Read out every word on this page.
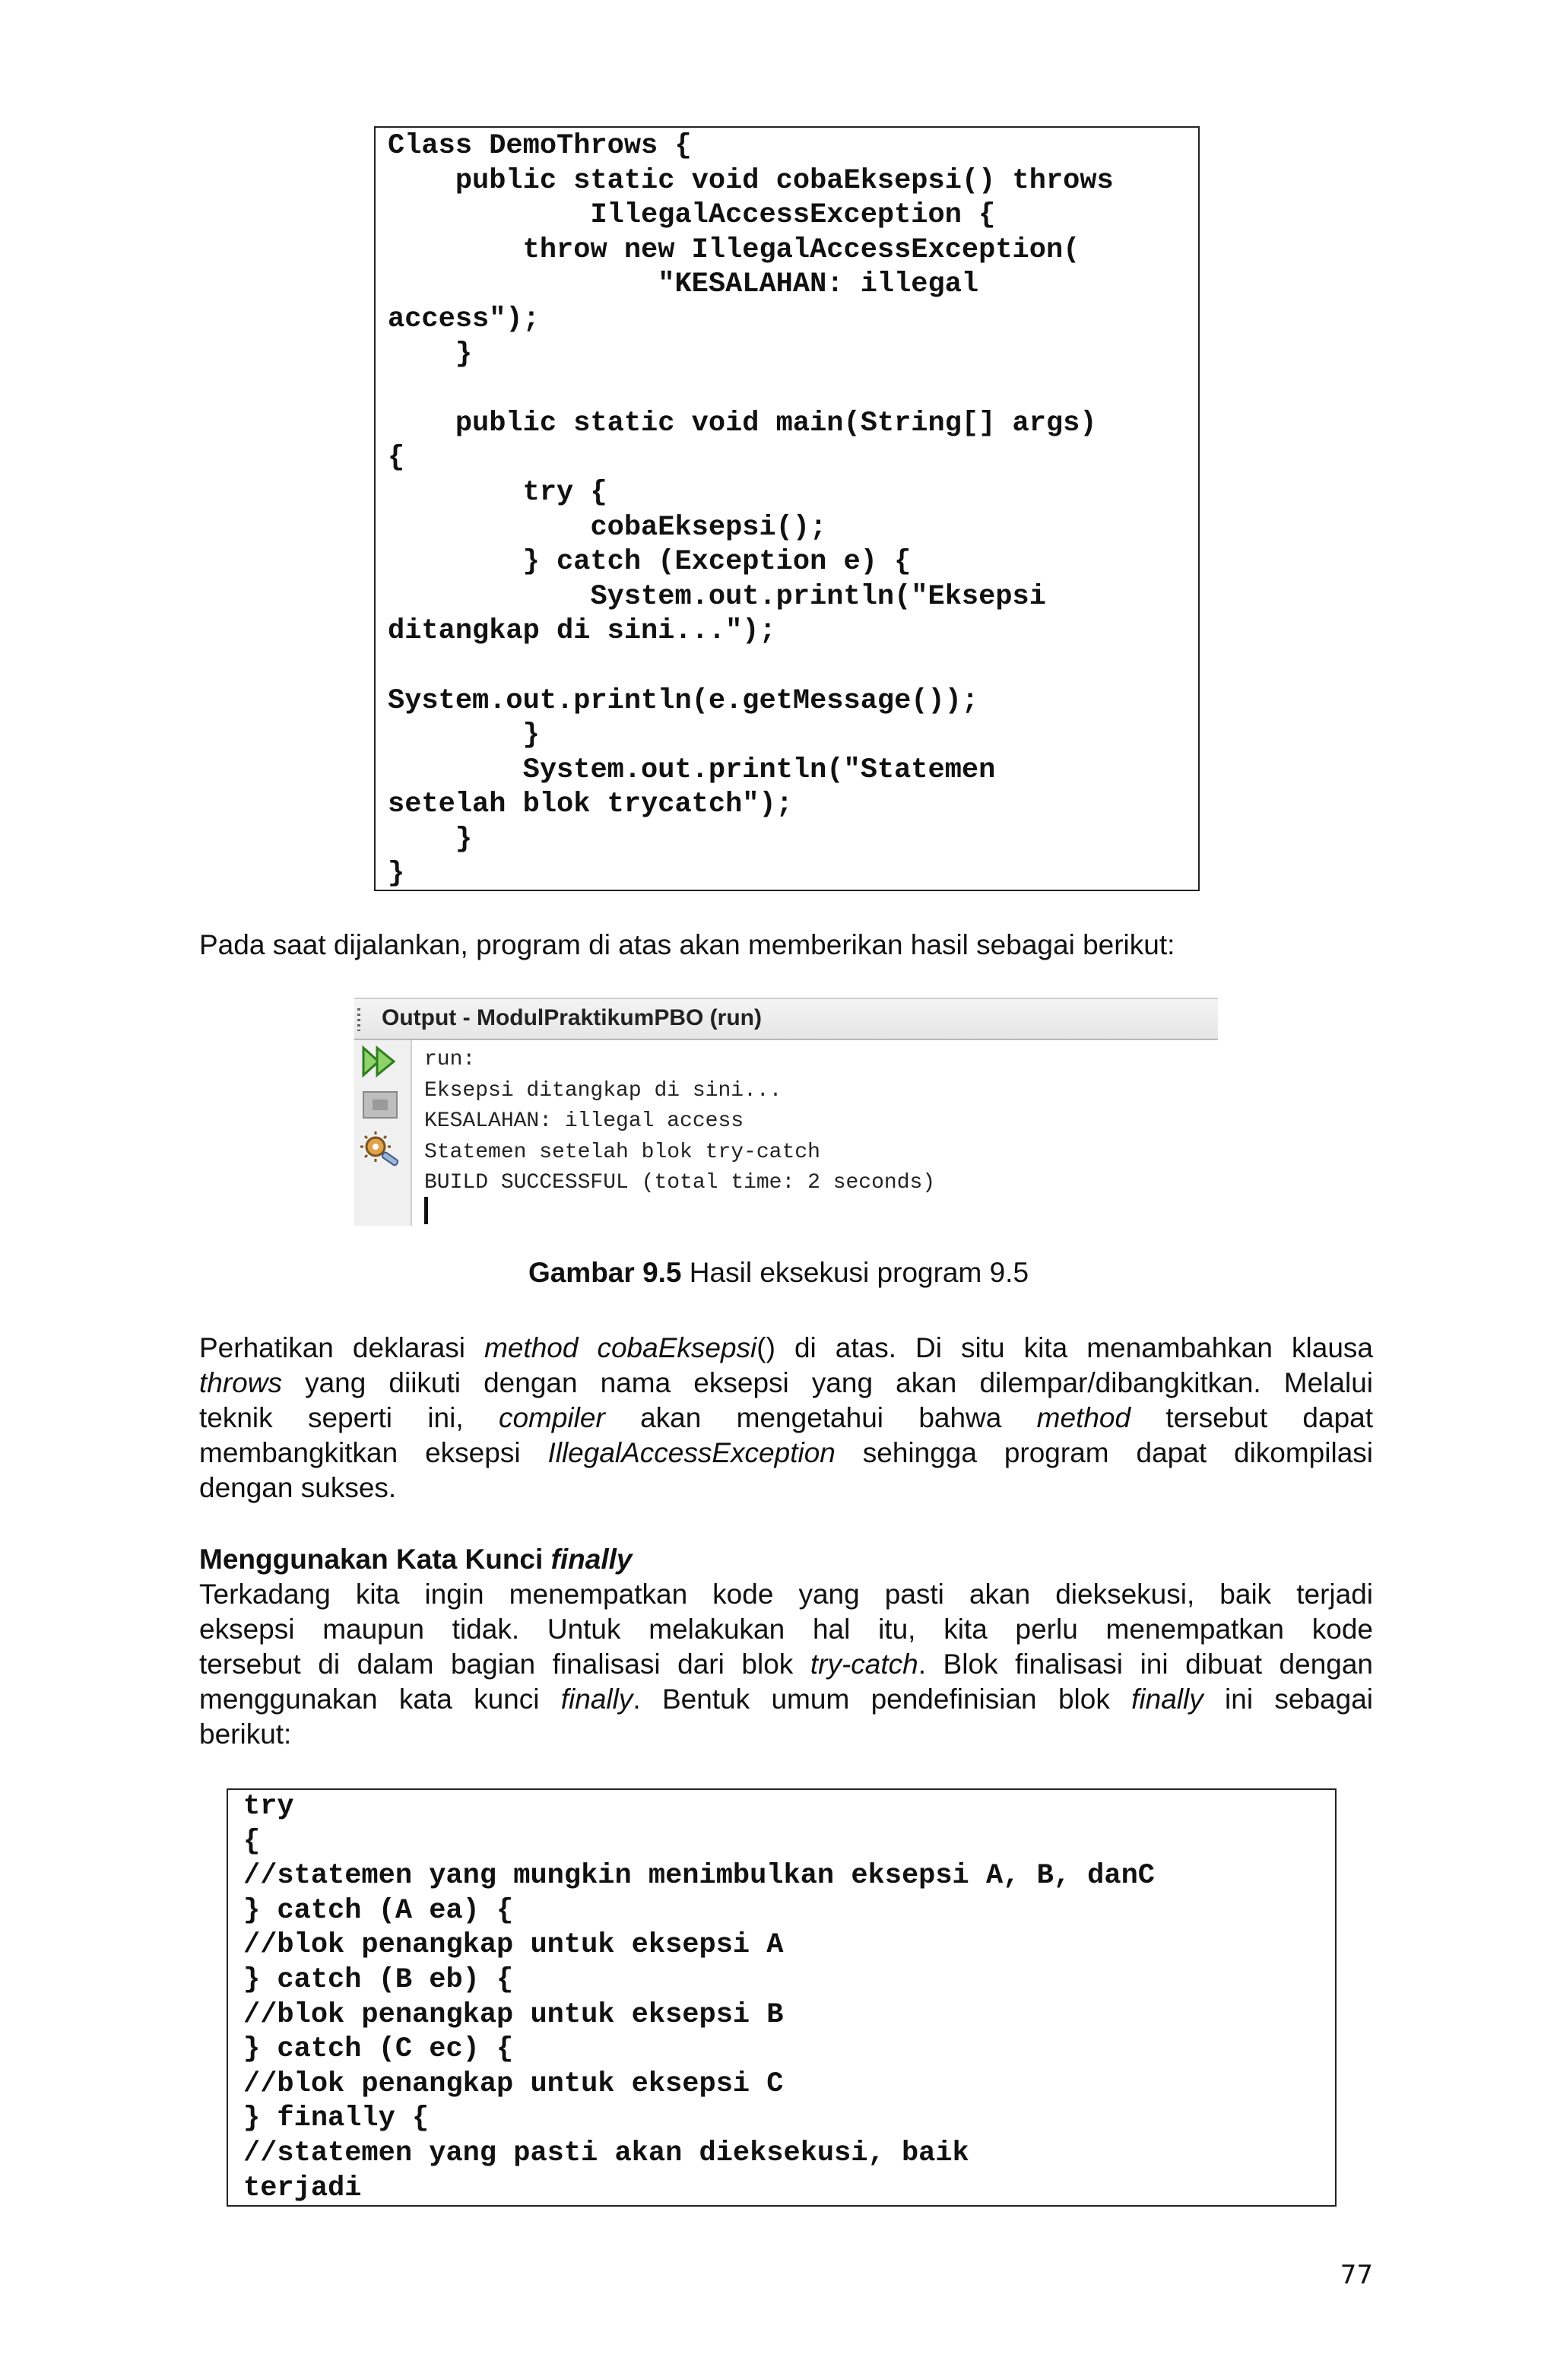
Class DemoThrows {
public static void cobaEksepsi() throws
IllegalAccessException {
throw new IllegalAccessException(
"KESALAHAN: illegal
access");
}

public static void main(String[] args)
{
try {
cobaEksepsi();
} catch (Exception e) {
System.out.println("Eksepsi
ditangkap di sini...");

System.out.println(e.getMessage());
}
System.out.println("Statemen
setelah blok trycatch");
}
}
Pada saat dijalankan, program di atas akan memberikan hasil sebagai berikut:
Output - ModulPraktikumPBO (run)
run:
Eksepsi ditangkap di sini...
KESALAHAN: illegal access
Statemen setelah blok try-catch
BUILD SUCCESSFUL (total time: 2 seconds)
Gambar 9.5 Hasil eksekusi program 9.5
Perhatikan deklarasi method cobaEksepsi() di atas. Di situ kita menambahkan klausa
throws yang diikuti dengan nama eksepsi yang akan dilempar/dibangkitkan. Melalui
teknik seperti ini, compiler akan mengetahui bahwa method tersebut dapat
membangkitkan eksepsi IllegalAccessException sehingga program dapat dikompilasi
dengan sukses.
Menggunakan Kata Kunci finally
Terkadang kita ingin menempatkan kode yang pasti akan dieksekusi, baik terjadi
eksepsi maupun tidak. Untuk melakukan hal itu, kita perlu menempatkan kode
tersebut di dalam bagian finalisasi dari blok try-catch. Blok finalisasi ini dibuat dengan
menggunakan kata kunci finally. Bentuk umum pendefinisian blok finally ini sebagai
berikut:
try
{
//statemen yang mungkin menimbulkan eksepsi A, B, danC
} catch (A ea) {
//blok penangkap untuk eksepsi A
} catch (B eb) {
//blok penangkap untuk eksepsi B
} catch (C ec) {
//blok penangkap untuk eksepsi C
} finally {
//statemen yang pasti akan dieksekusi, baik
terjadi
77
